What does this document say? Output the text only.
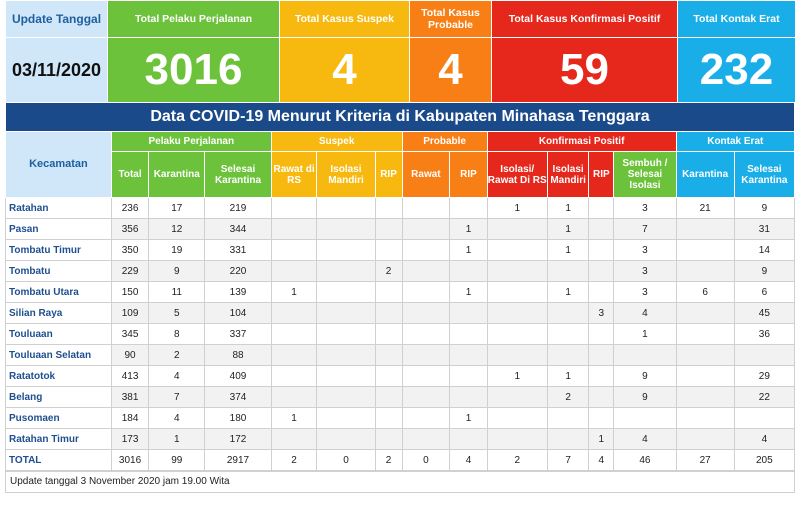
Update Tanggal	Total Pelaku Perjalanan	Total Kasus Suspek	Total Kasus Probable	Total Kasus Konfirmasi Positif	Total Kontak Erat
03/11/2020	3016	4	4	59	232
Data COVID-19 Menurut Kriteria di Kabupaten Minahasa Tenggara
Kecamatan	Pelaku Perjalanan			Suspek			Probable		Konfirmasi Positif				Kontak Erat	
	Total	Karantina	Selesai Karantina	Rawat di RS	Isolasi Mandiri	RIP	Rawat	RIP	Isolasi/ Rawat Di RS	Isolasi Mandiri	RIP	Sembuh / Selesai Isolasi	Karantina	Selesai Karantina
Ratahan	236	17	219						1	1		3	21	9
Pasan	356	12	344					1		1		7		31
Tombatu Timur	350	19	331					1		1		3		14
Tombatu	229	9	220			2						3		9
Tombatu Utara	150	11	139	1				1		1		3	6	6
Silian Raya	109	5	104								3	4		45
Touluaan	345	8	337									1		36
Touluaan Selatan	90	2	88											
Ratatotok	413	4	409						1	1		9		29
Belang	381	7	374							2		9		22
Pusomaen	184	4	180	1				1						
Ratahan Timur	173	1	172								1	4		4
TOTAL	3016	99	2917	2	0	2	0	4	2	7	4	46	27	205
Update tanggal 3 November 2020 jam 19.00 Wita
